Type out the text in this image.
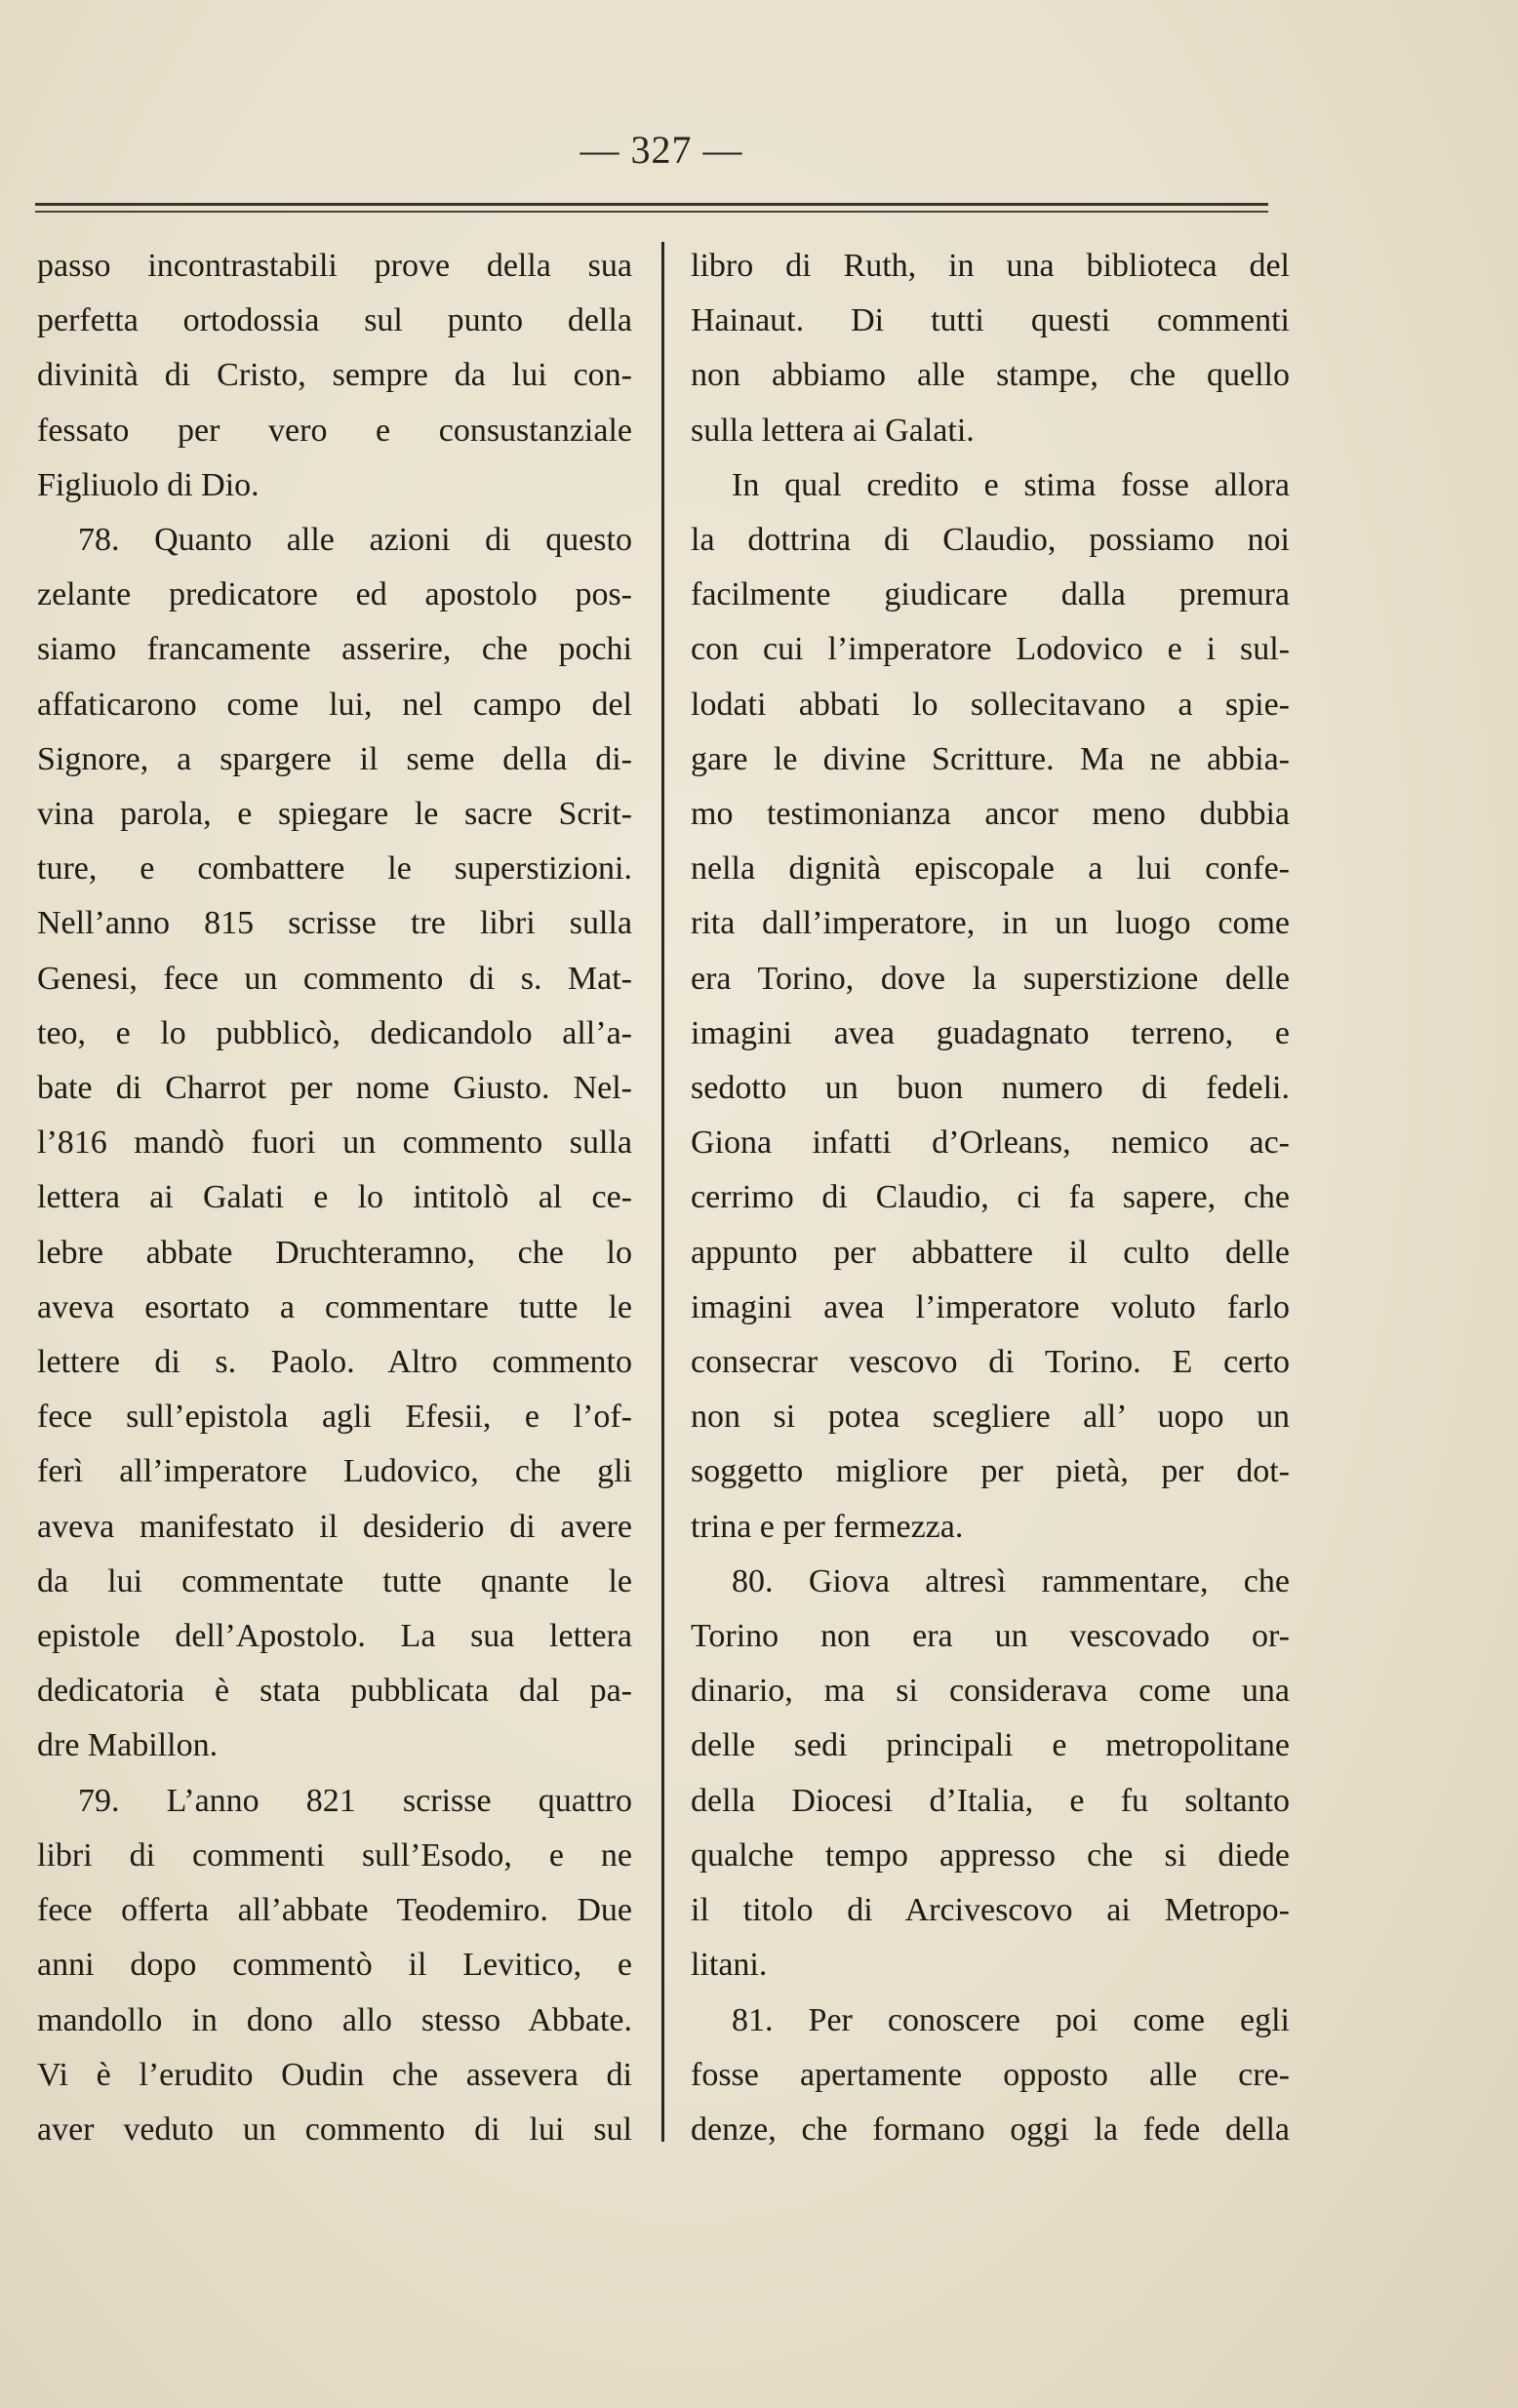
— 327 —
passo incontrastabili prove della sua
perfetta ortodossia sul punto della
divinità di Cristo, sempre da lui con-
fessato per vero e consustanziale
Figliuolo di Dio.
78. Quanto alle azioni di questo
zelante predicatore ed apostolo pos-
siamo francamente asserire, che pochi
affaticarono come lui, nel campo del
Signore, a spargere il seme della di-
vina parola, e spiegare le sacre Scrit-
ture, e combattere le superstizioni.
Nell’anno 815 scrisse tre libri sulla
Genesi, fece un commento di s. Mat-
teo, e lo pubblicò, dedicandolo all’a-
bate di Charrot per nome Giusto. Nel-
l’816 mandò fuori un commento sulla
lettera ai Galati e lo intitolò al ce-
lebre abbate Druchteramno, che lo
aveva esortato a commentare tutte le
lettere di s. Paolo. Altro commento
fece sull’epistola agli Efesii, e l’of-
ferì all’imperatore Ludovico, che gli
aveva manifestato il desiderio di avere
da lui commentate tutte qnante le
epistole dell’Apostolo. La sua lettera
dedicatoria è stata pubblicata dal pa-
dre Mabillon.
79. L’anno 821 scrisse quattro
libri di commenti sull’Esodo, e ne
fece offerta all’abbate Teodemiro. Due
anni dopo commentò il Levitico, e
mandollo in dono allo stesso Abbate.
Vi è l’erudito Oudin che assevera di
aver veduto un commento di lui sul
libro di Ruth, in una biblioteca del
Hainaut. Di tutti questi commenti
non abbiamo alle stampe, che quello
sulla lettera ai Galati.
In qual credito e stima fosse allora
la dottrina di Claudio, possiamo noi
facilmente giudicare dalla premura
con cui l’imperatore Lodovico e i sul-
lodati abbati lo sollecitavano a spie-
gare le divine Scritture. Ma ne abbia-
mo testimonianza ancor meno dubbia
nella dignità episcopale a lui confe-
rita dall’imperatore, in un luogo come
era Torino, dove la superstizione delle
imagini avea guadagnato terreno, e
sedotto un buon numero di fedeli.
Giona infatti d’Orleans, nemico ac-
cerrimo di Claudio, ci fa sapere, che
appunto per abbattere il culto delle
imagini avea l’imperatore voluto farlo
consecrar vescovo di Torino. E certo
non si potea scegliere all’ uopo un
soggetto migliore per pietà, per dot-
trina e per fermezza.
80. Giova altresì rammentare, che
Torino non era un vescovado or-
dinario, ma si considerava come una
delle sedi principali e metropolitane
della Diocesi d’Italia, e fu soltanto
qualche tempo appresso che si diede
il titolo di Arcivescovo ai Metropo-
litani.
81. Per conoscere poi come egli
fosse apertamente opposto alle cre-
denze, che formano oggi la fede della
